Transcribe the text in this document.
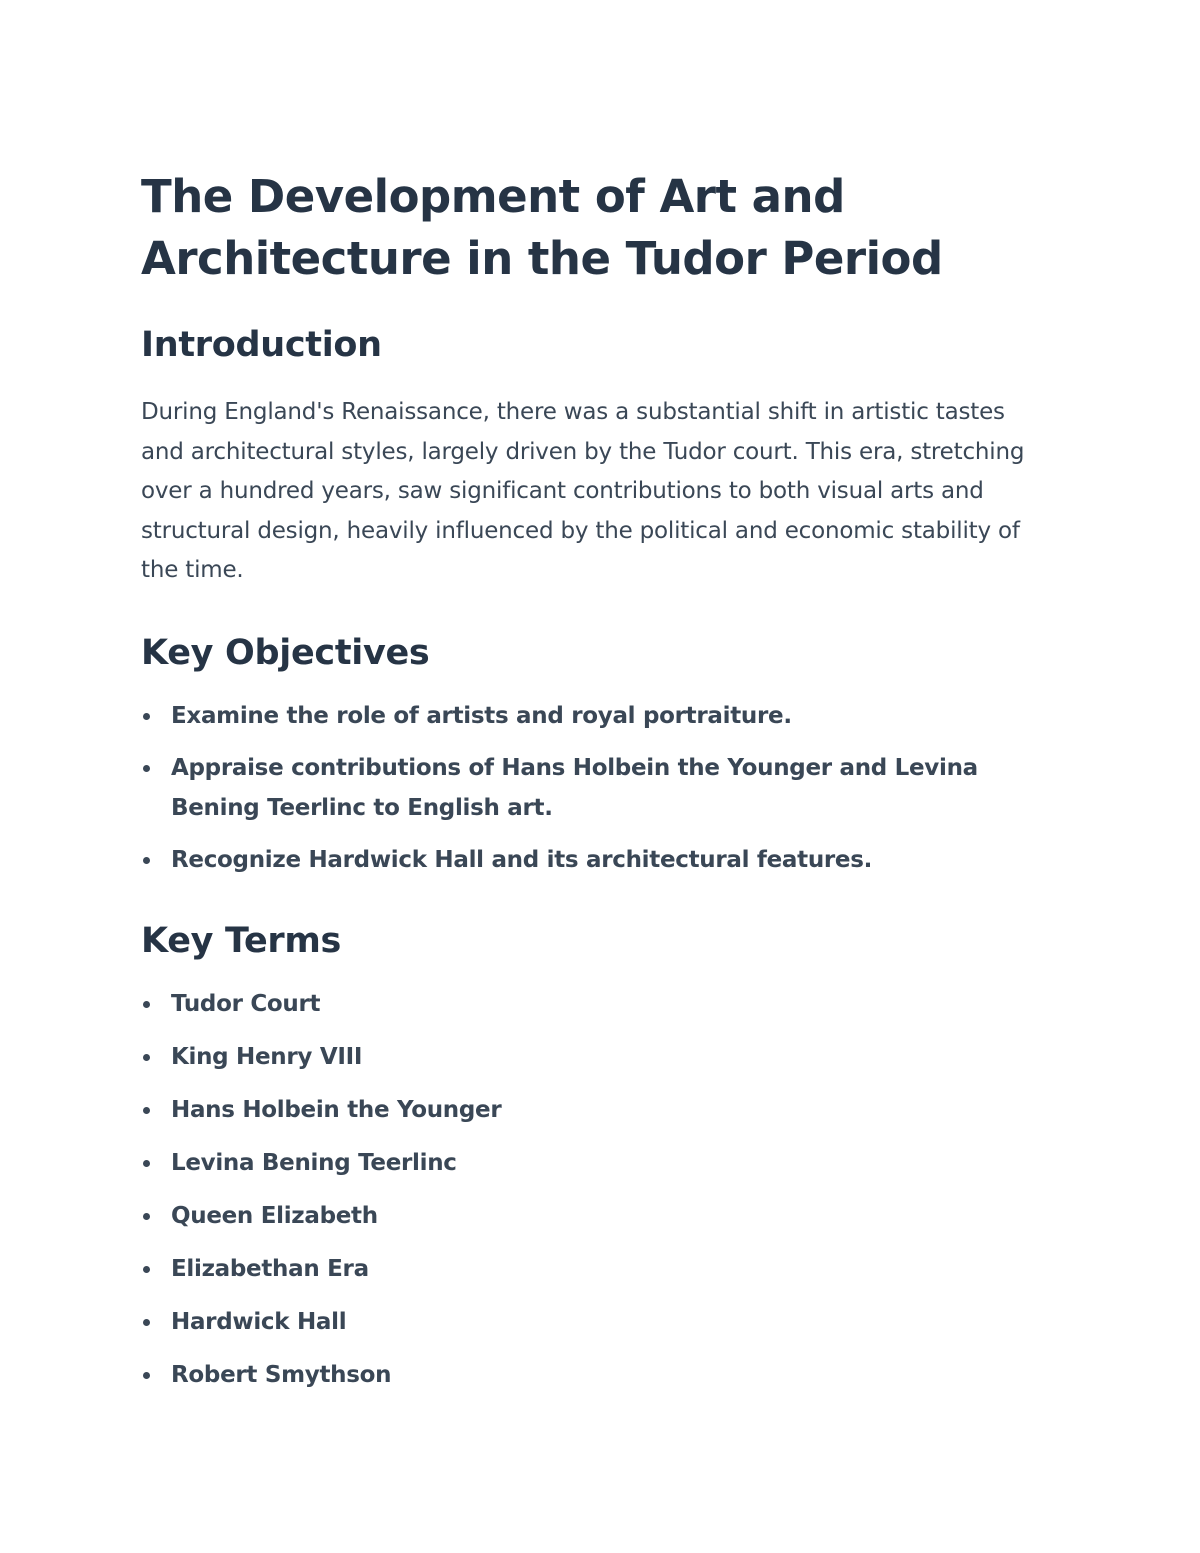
The Development of Art and Architecture in the Tudor Period
Introduction

During England's Renaissance, there was a substantial shift in artistic tastes and architectural styles, largely driven by the Tudor court. This era, stretching over a hundred years, saw significant contributions to both visual arts and structural design, heavily influenced by the political and economic stability of the time.

Key Objectives
Examine the role of artists and royal portraiture.
Appraise contributions of Hans Holbein the Younger and Levina Bening Teerlinc to English art.
Recognize Hardwick Hall and its architectural features.
Key Terms
Tudor Court
King Henry VIII
Hans Holbein the Younger
Levina Bening Teerlinc
Queen Elizabeth
Elizabethan Era
Hardwick Hall
Robert Smythson
